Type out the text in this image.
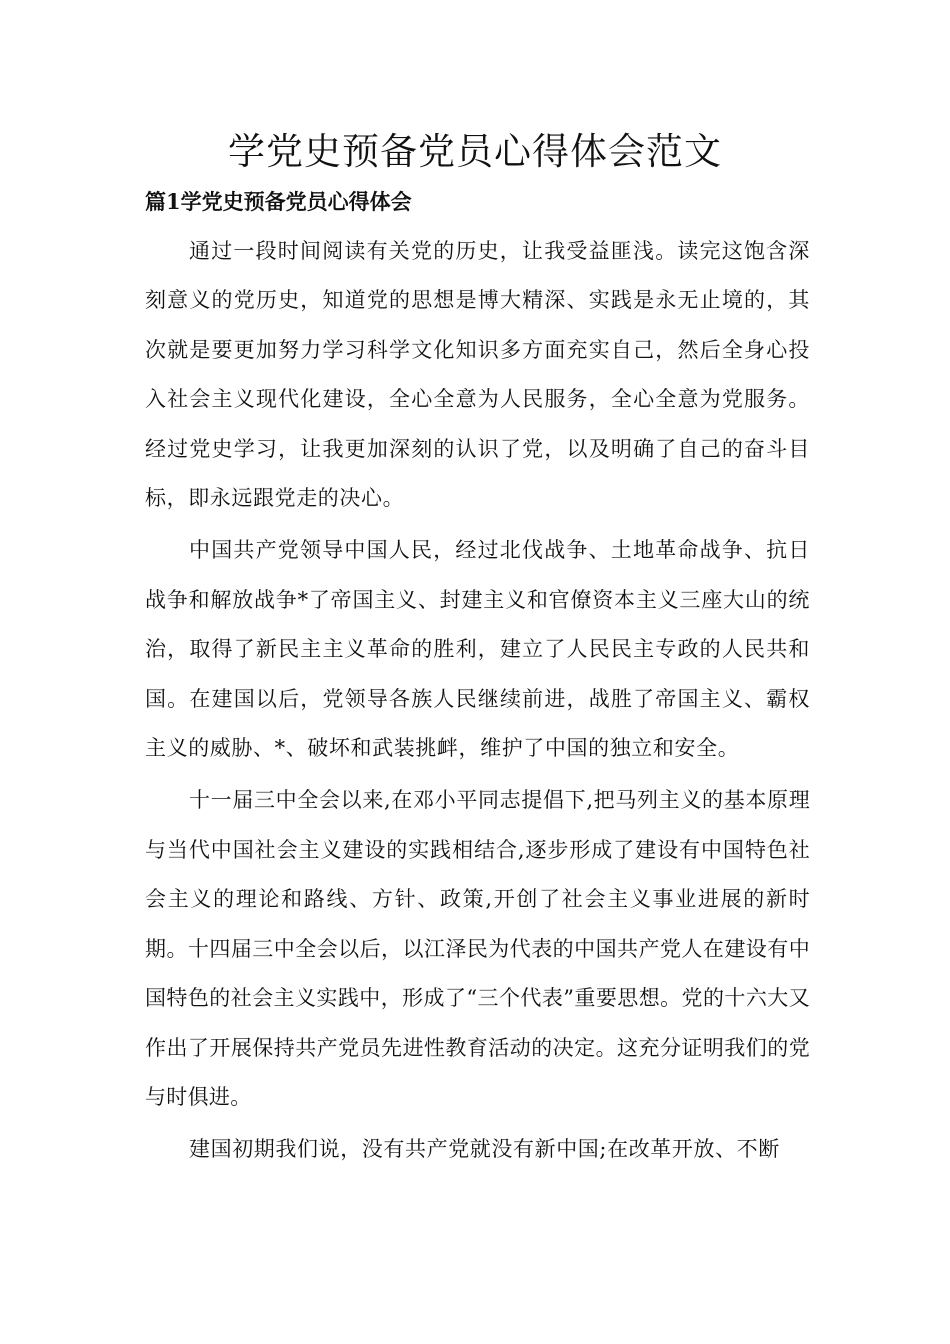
学党史预备党员心得体会范文
篇1学党史预备党员心得体会

通过一段时间阅读有关党的历史，让我受益匪浅。读完这饱含深刻意义的党历史，知道党的思想是博大精深、实践是永无止境的，其次就是要更加努力学习科学文化知识多方面充实自己，然后全身心投入社会主义现代化建设，全心全意为人民服务，全心全意为党服务。经过党史学习，让我更加深刻的认识了党，以及明确了自己的奋斗目标，即永远跟党走的决心。

中国共产党领导中国人民，经过北伐战争、土地革命战争、抗日战争和解放战争*了帝国主义、封建主义和官僚资本主义三座大山的统治，取得了新民主主义革命的胜利，建立了人民民主专政的人民共和国。在建国以后，党领导各族人民继续前进，战胜了帝国主义、霸权主义的威胁、*、破坏和武装挑衅，维护了中国的独立和安全。

十一届三中全会以来,在邓小平同志提倡下,把马列主义的基本原理与当代中国社会主义建设的实践相结合,逐步形成了建设有中国特色社会主义的理论和路线、方针、政策,开创了社会主义事业进展的新时期。十四届三中全会以后，以江泽民为代表的中国共产党人在建设有中国特色的社会主义实践中，形成了“三个代表”重要思想。党的十六大又作出了开展保持共产党员先进性教育活动的决定。这充分证明我们的党与时俱进。

建国初期我们说，没有共产党就没有新中国;在改革开放、不断
